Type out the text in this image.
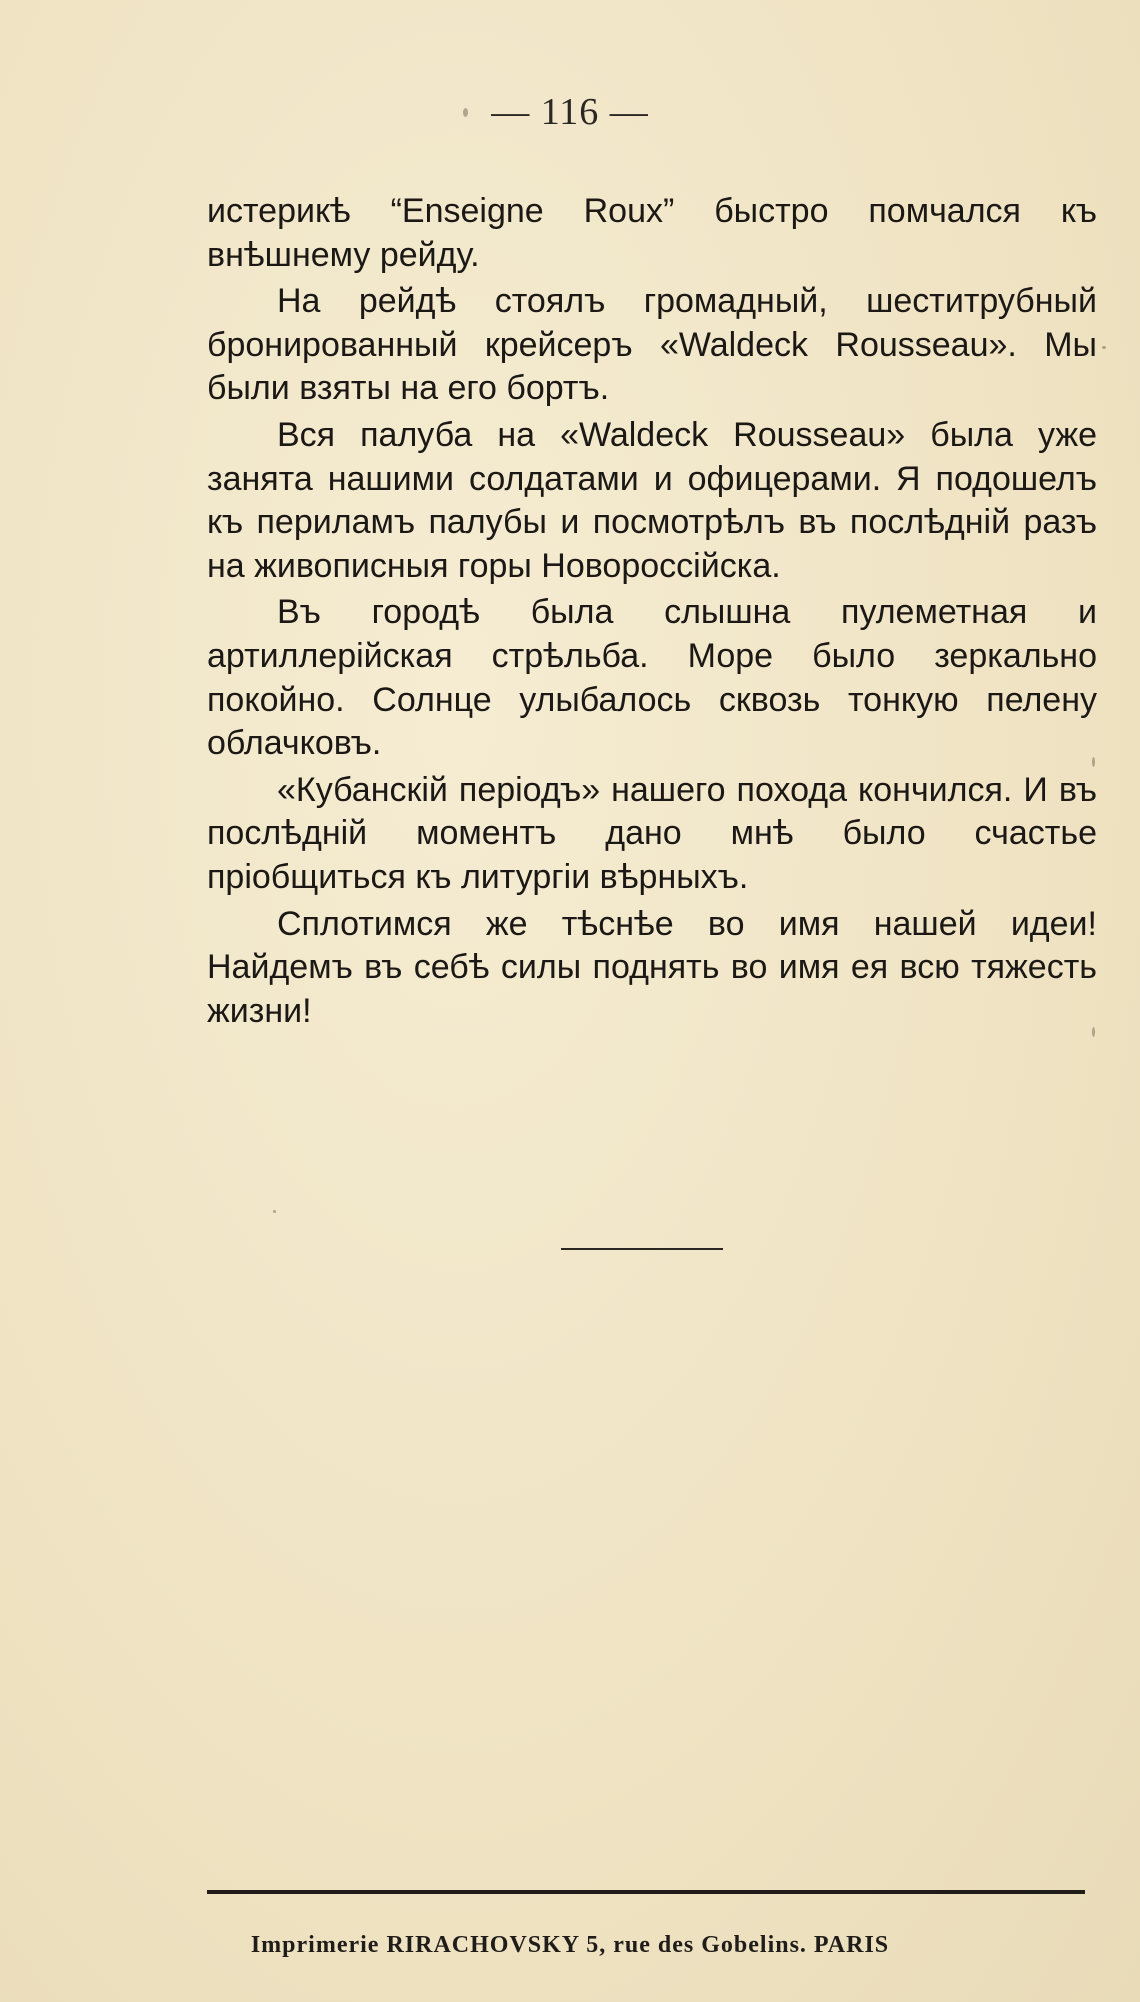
— 116 —

истерикѣ “Enseigne Roux” быстро помчался къ внѣшнему рейду.

На рейдѣ стоялъ громадный, шеститрубный бронированный крейсеръ «Waldeck Rousseau». Мы были взяты на его бортъ.

Вся палуба на «Waldeck Rousseau» была уже занята нашими солдатами и офицерами. Я подошелъ къ периламъ палубы и посмотрѣлъ въ послѣднiй разъ на живописныя горы Новороссiйска.

Въ городѣ была слышна пулеметная и артиллерiйская стрѣльба. Море было зеркально покойно. Солнце улыбалось сквозь тонкую пелену облачковъ.

«Кубанскiй перiодъ» нашего похода кончился. И въ послѣднiй моментъ дано мнѣ было счастье прiобщиться къ литургiи вѣрныхъ.

Сплотимся же тѣснѣе во имя нашей идеи! Найдемъ въ себѣ силы поднять во имя ея всю тяжесть жизни!

Imprimerie RIRACHOVSKY 5, rue des Gobelins. PARIS
